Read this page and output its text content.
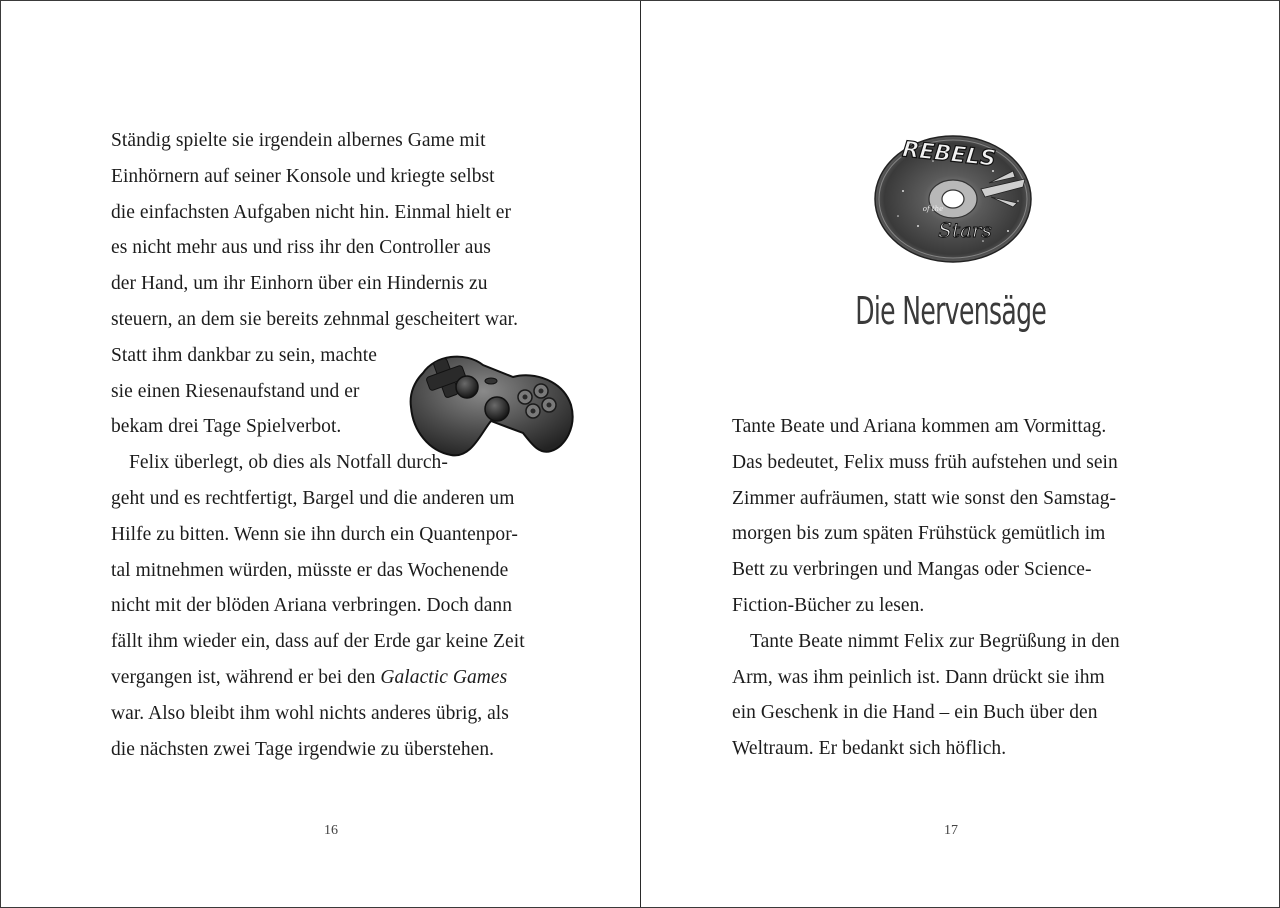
Ständig spielte sie irgendein albernes Game mit
Einhörnern auf seiner Konsole und kriegte selbst
die einfachsten Aufgaben nicht hin. Einmal hielt er
es nicht mehr aus und riss ihr den Controller aus
der Hand, um ihr Einhorn über ein Hindernis zu
steuern, an dem sie bereits zehnmal gescheitert war.
Statt ihm dankbar zu sein, machte
sie einen Riesenaufstand und er
bekam drei Tage Spielverbot.
Felix überlegt, ob dies als Notfall durch-
geht und es rechtfertigt, Bargel und die anderen um
Hilfe zu bitten. Wenn sie ihn durch ein Quantenpor-
tal mitnehmen würden, müsste er das Wochenende
nicht mit der blöden Ariana verbringen. Doch dann
fällt ihm wieder ein, dass auf der Erde gar keine Zeit
vergangen ist, während er bei den Galactic Games
war. Also bleibt ihm wohl nichts anderes übrig, als
die nächsten zwei Tage irgendwie zu überstehen.
16
REBELS
of the
Stars
Die Nervensäge
Tante Beate und Ariana kommen am Vormittag.
Das bedeutet, Felix muss früh aufstehen und sein
Zimmer aufräumen, statt wie sonst den Samstag-
morgen bis zum späten Frühstück gemütlich im
Bett zu verbringen und Mangas oder Science-
Fiction-Bücher zu lesen.
Tante Beate nimmt Felix zur Begrüßung in den
Arm, was ihm peinlich ist. Dann drückt sie ihm
ein Geschenk in die Hand – ein Buch über den
Weltraum. Er bedankt sich höflich.
17
